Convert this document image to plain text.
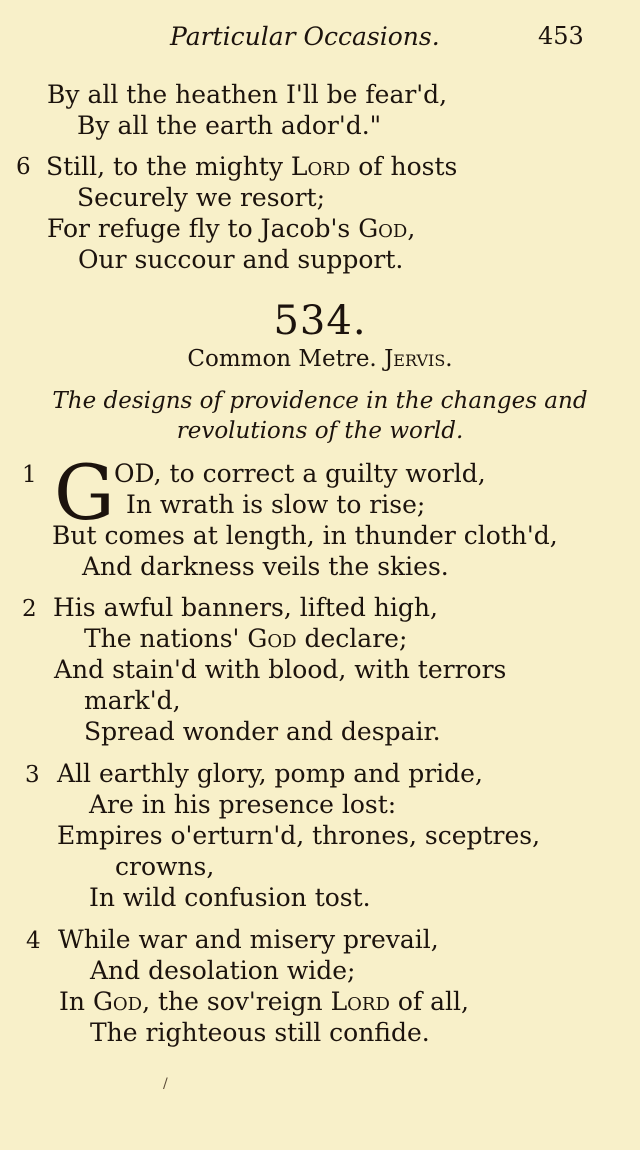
Particular Occasions.	453
By all the heathen I'll be fear'd,
By all the earth ador'd."
6 Still, to the mighty Lord of hosts
Securely we resort;
For refuge fly to Jacob's God,
Our succour and support.
534.
Common Metre. Jervis.
The designs of providence in the changes and
revolutions of the world.
1 G OD, to correct a guilty world,
In wrath is slow to rise;
But comes at length, in thunder cloth'd,
And darkness veils the skies.
2 His awful banners, lifted high,
The nations' God declare;
And stain'd with blood, with terrors
mark'd,
Spread wonder and despair.
3 All earthly glory, pomp and pride,
Are in his presence lost:
Empires o'erturn'd, thrones, sceptres,
crowns,
In wild confusion tost.
4 While war and misery prevail,
And desolation wide;
In God, the sov'reign Lord of all,
The righteous still confide.
/
